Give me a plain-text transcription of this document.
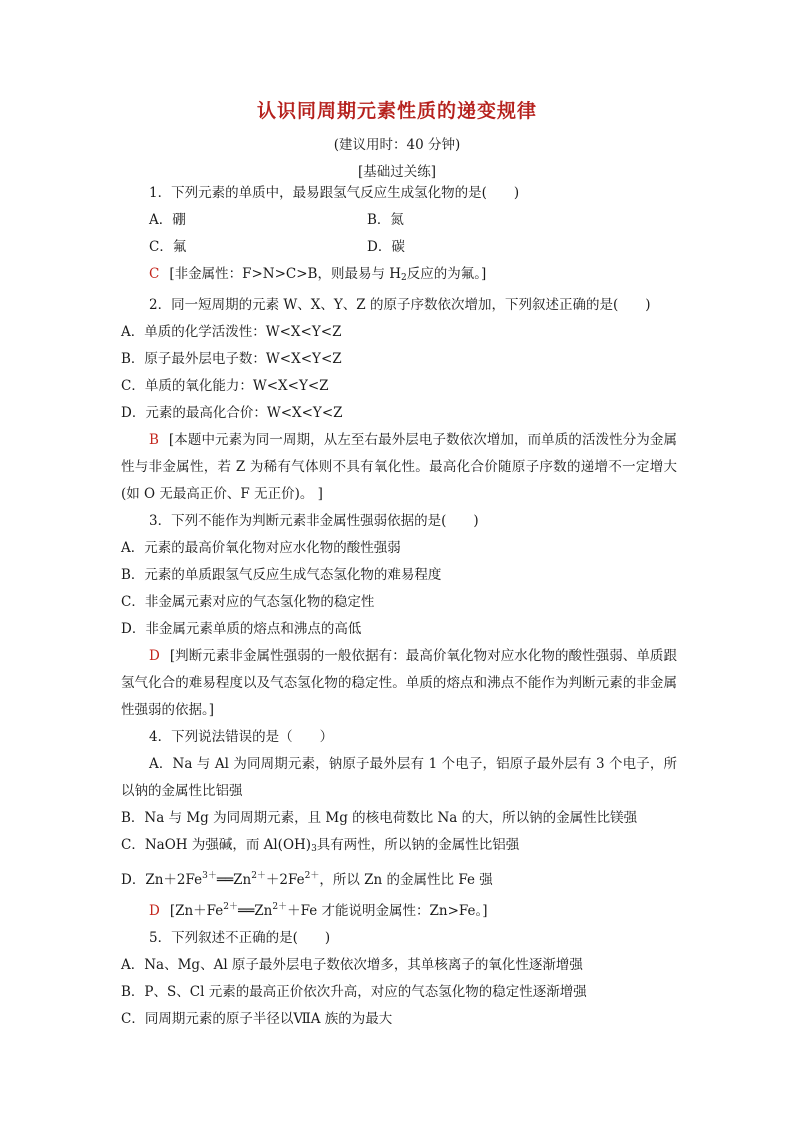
认识同周期元素性质的递变规律
(建议用时：40 分钟)
[基础过关练]
1．下列元素的单质中，最易跟氢气反应生成氢化物的是(　　)
A．硼	B．氮
C．氟	D．碳
C [非金属性：F>N>C>B，则最易与 $H_2$反应的为氟。]
2．同一短周期的元素 W、X、Y、Z 的原子序数依次增加，下列叙述正确的是(　　)
A．单质的化学活泼性：W<X<Y<Z
B．原子最外层电子数：W<X<Y<Z
C．单质的氧化能力：W<X<Y<Z
D．元素的最高化合价：W<X<Y<Z
B [本题中元素为同一周期，从左至右最外层电子数依次增加，而单质的活泼性分为金属性与非金属性，若 Z 为稀有气体则不具有氧化性。最高化合价随原子序数的递增不一定增大(如 O 无最高正价、F 无正价)。 ]
3．下列不能作为判断元素非金属性强弱依据的是(　　)
A．元素的最高价氧化物对应水化物的酸性强弱
B．元素的单质跟氢气反应生成气态氢化物的难易程度
C．非金属元素对应的气态氢化物的稳定性
D．非金属元素单质的熔点和沸点的高低
D [判断元素非金属性强弱的一般依据有：最高价氧化物对应水化物的酸性强弱、单质跟氢气化合的难易程度以及气态氢化物的稳定性。单质的熔点和沸点不能作为判断元素的非金属性强弱的依据。]
4．下列说法错误的是（　　）
A．Na 与 Al 为同周期元素，钠原子最外层有 1 个电子，铝原子最外层有 3 个电子，所以钠的金属性比铝强
B．Na 与 Mg 为同周期元素，且 Mg 的核电荷数比 Na 的大，所以钠的金属性比镁强
C．NaOH 为强碱，而 $Al(OH)_3$具有两性，所以钠的金属性比铝强
D．$Zn+2Fe^{3+}══Zn^{2+}+2Fe^{2+}$，所以 Zn 的金属性比 Fe 强
D [$Zn+Fe^{2+}══Zn^{2+}+Fe$ 才能说明金属性：Zn>Fe。]
5．下列叙述不正确的是(　　)
A．Na、Mg、Al 原子最外层电子数依次增多，其单核离子的氧化性逐渐增强
B．P、S、Cl 元素的最高正价依次升高，对应的气态氢化物的稳定性逐渐增强
C．同周期元素的原子半径以ⅦA 族的为最大
